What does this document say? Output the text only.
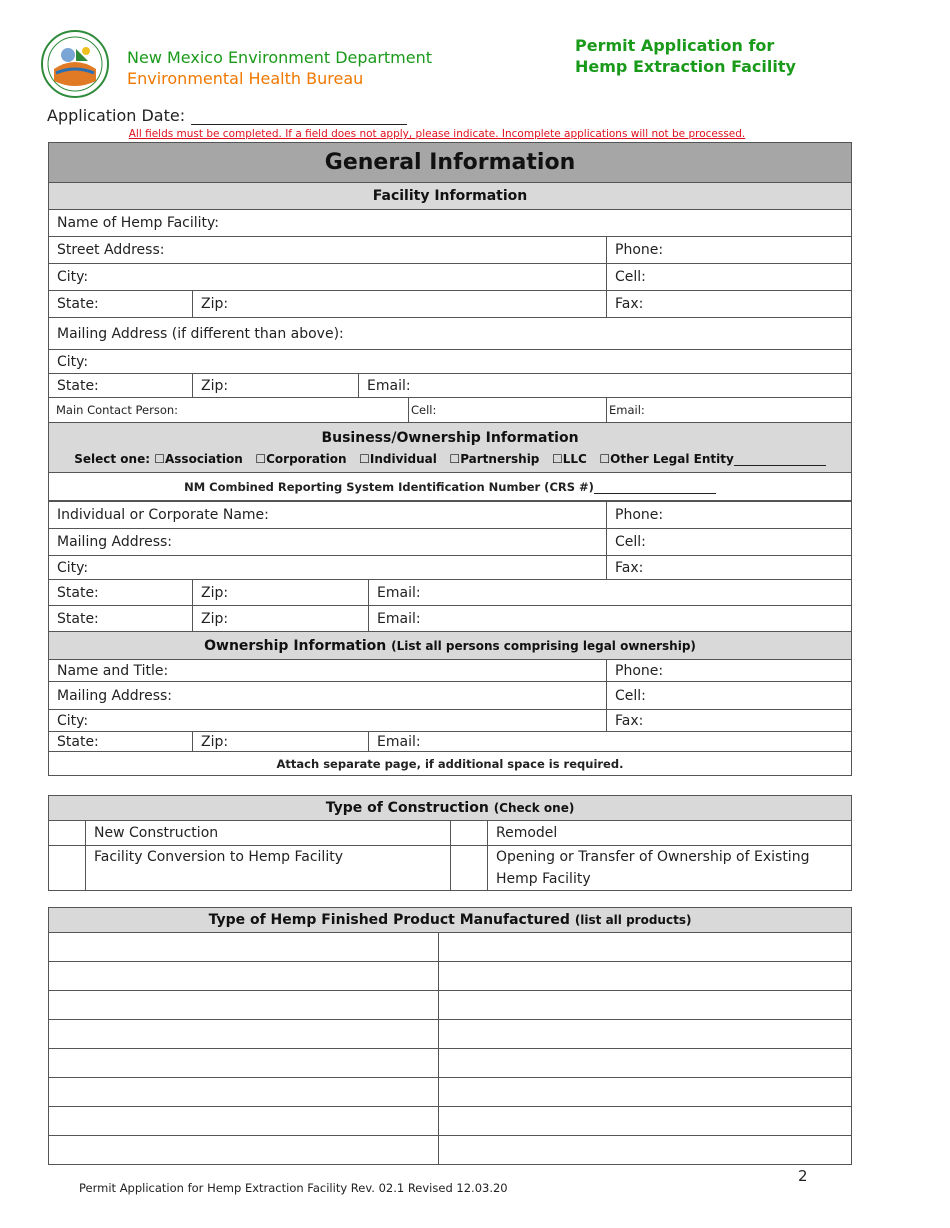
New Mexico Environment Department
Environmental Health Bureau
Permit Application for
Hemp Extraction Facility
Application Date:
All fields must be completed. If a field does not apply, please indicate. Incomplete applications will not be processed.
General Information				
Facility Information				
Name of Hemp Facility:				
Street Address:				Phone:
City:				Cell:
State:	Zip:			Fax:
Mailing Address (if different than above):				
City:				
State:	Zip:	Email:		
Main Contact Person:			Cell:	Email:

Business/Ownership Information
Select one: ☐Association ☐Corporation ☐Individual ☐Partnership ☐LLC ☐Other Legal Entity				

NM Combined Reporting System Identification Number (CRS #)				
Individual or Corporate Name:			Phone:
Mailing Address:			Cell:
City:			Fax:
State:	Zip:	Email:	
State:	Zip:	Email:	
Ownership Information (List all persons comprising legal ownership)			
Name and Title:			Phone:
Mailing Address:			Cell:
City:			Fax:
State:	Zip:	Email:	
Attach separate page, if additional space is required.			
Type of Construction (Check one)			
	New Construction		Remodel
	Facility Conversion to Hemp Facility		Opening or Transfer of Ownership of Existing Hemp Facility
Type of Hemp Finished Product Manufactured (list all products)	

2
Permit Application for Hemp Extraction Facility Rev. 02.1 Revised 12.03.20
